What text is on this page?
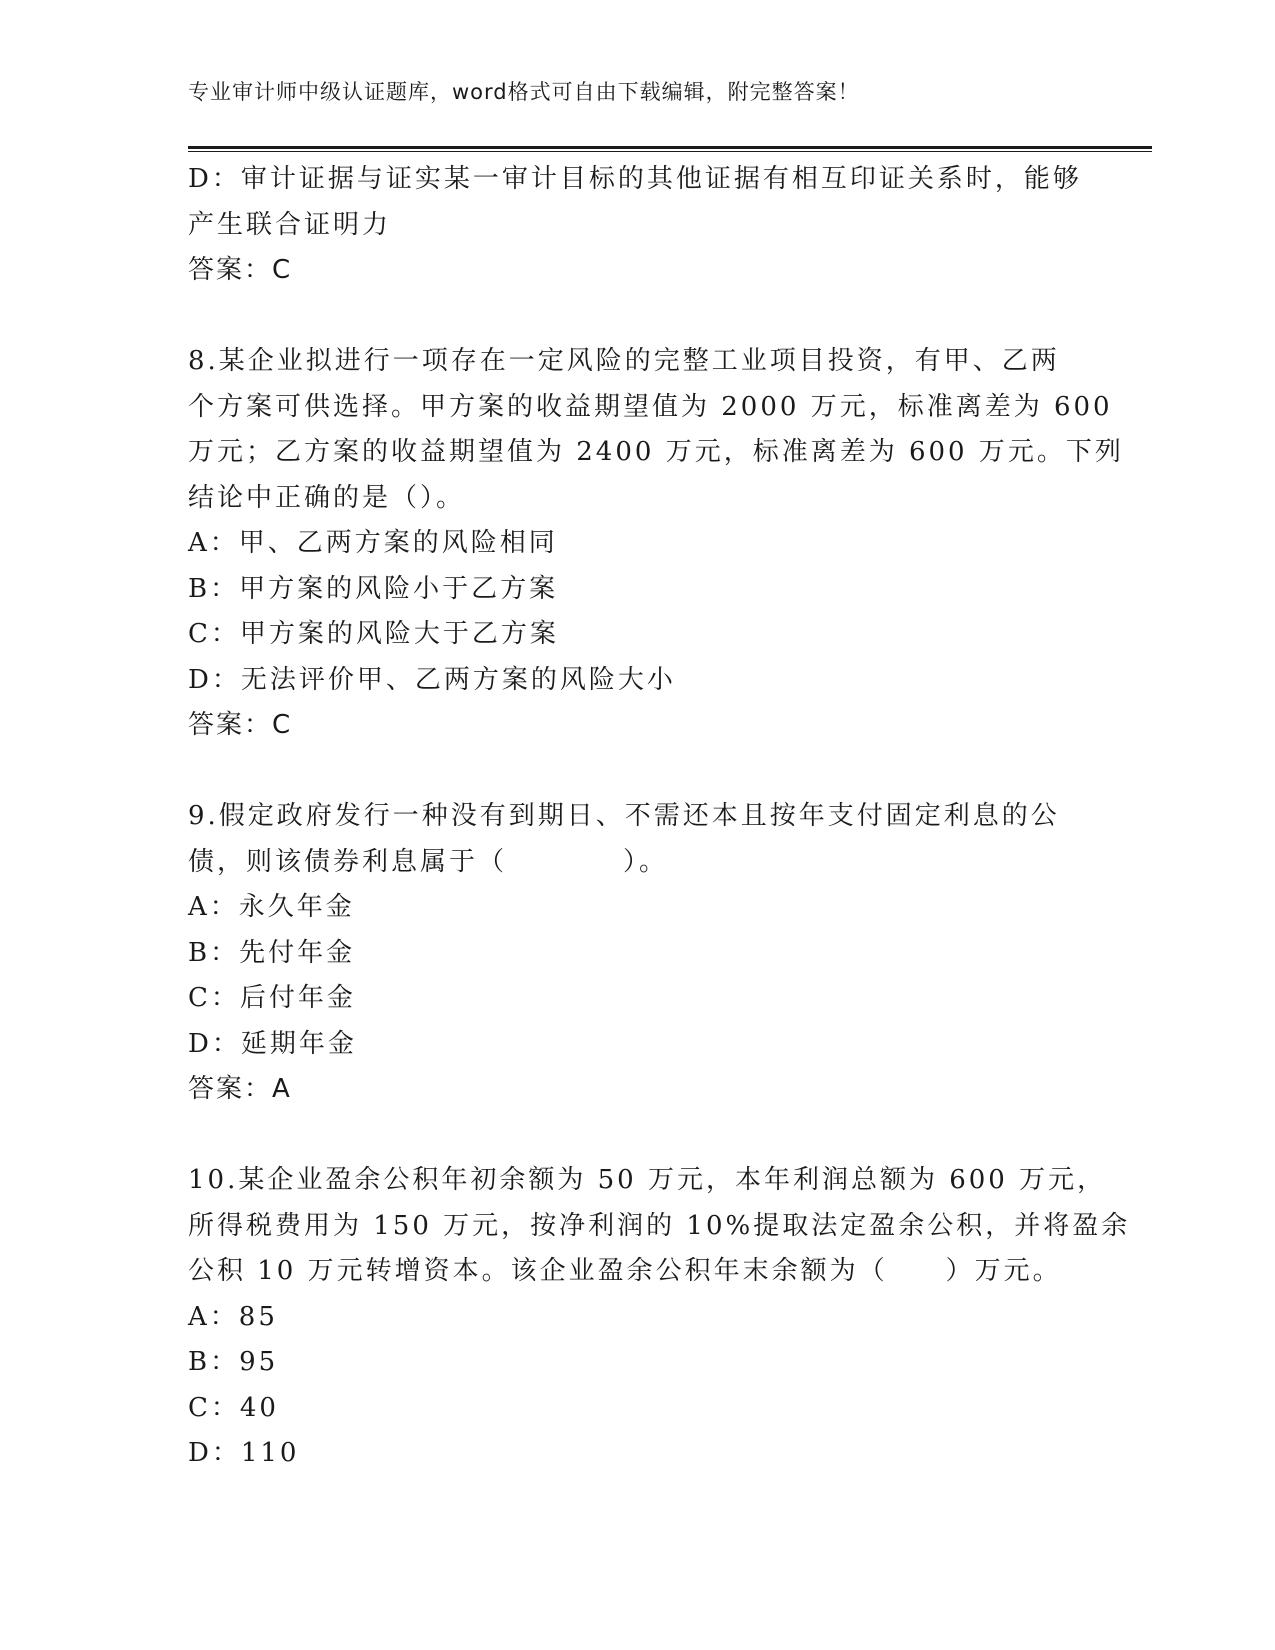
专业审计师中级认证题库，word格式可自由下载编辑，附完整答案！
D：审计证据与证实某一审计目标的其他证据有相互印证关系时，能够
产生联合证明力
答案：C
8.某企业拟进行一项存在一定风险的完整工业项目投资，有甲、乙两
个方案可供选择。甲方案的收益期望值为 2000 万元，标准离差为 600
万元；乙方案的收益期望值为 2400 万元，标准离差为 600 万元。下列
结论中正确的是（）。
A：甲、乙两方案的风险相同
B：甲方案的风险小于乙方案
C：甲方案的风险大于乙方案
D：无法评价甲、乙两方案的风险大小
答案：C
9.假定政府发行一种没有到期日、不需还本且按年支付固定利息的公
债，则该债券利息属于（　　　　）。
A：永久年金
B：先付年金
C：后付年金
D：延期年金
答案：A
10.某企业盈余公积年初余额为 50 万元，本年利润总额为 600 万元，
所得税费用为 150 万元，按净利润的 10%提取法定盈余公积，并将盈余
公积 10 万元转增资本。该企业盈余公积年末余额为（　　）万元。
A：85
B：95
C：40
D：110
